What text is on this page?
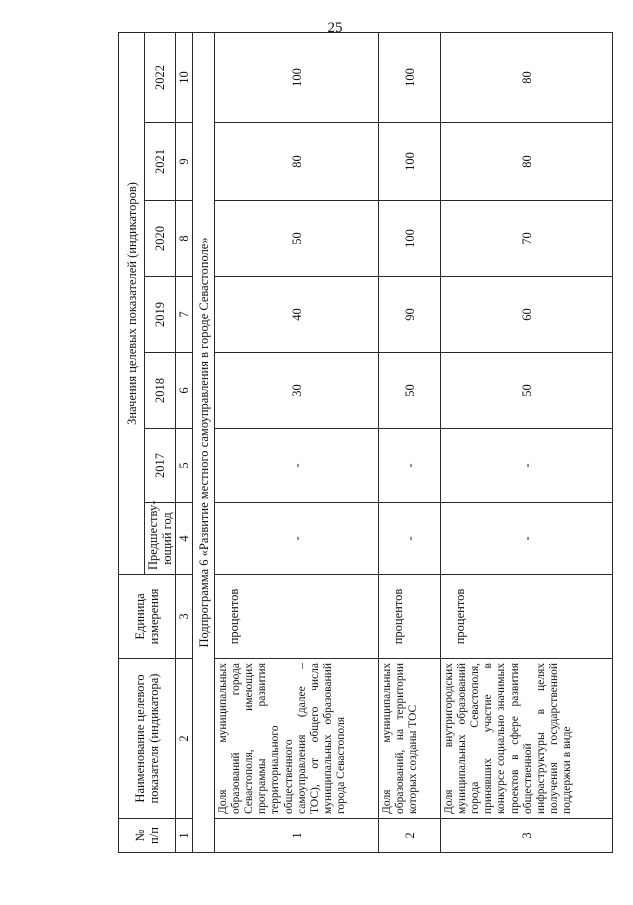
25
№ п/п	Наименование целевого показателя (индикатора)	Единица измерения	Значения целевых показателей (индикаторов)						
			Предшеству-ющий год	2017	2018	2019	2020	2021	2022
1	2	3	4	5	6	7	8	9	10
Подпрограмма 6 «Развитие местного самоуправления в городе Севастополе»									
1	Доля муниципальных образований города Севастополя, имеющих программы развития территориального общественного самоуправления (далее – ТОС), от общего числа муниципальных образований города Севастополя	процентов	-	-	30	40	50	80	100
2	Доля муниципальных образований, на территории которых созданы ТОС	процентов	-	-	50	90	100	100	100
3	Доля внутригородских муниципальных образований города Севастополя, принявших участие в конкурсе социально значимых проектов в сфере развития общественной инфраструктуры в целях получения государственной поддержки в виде	процентов	-	-	50	60	70	80	80
